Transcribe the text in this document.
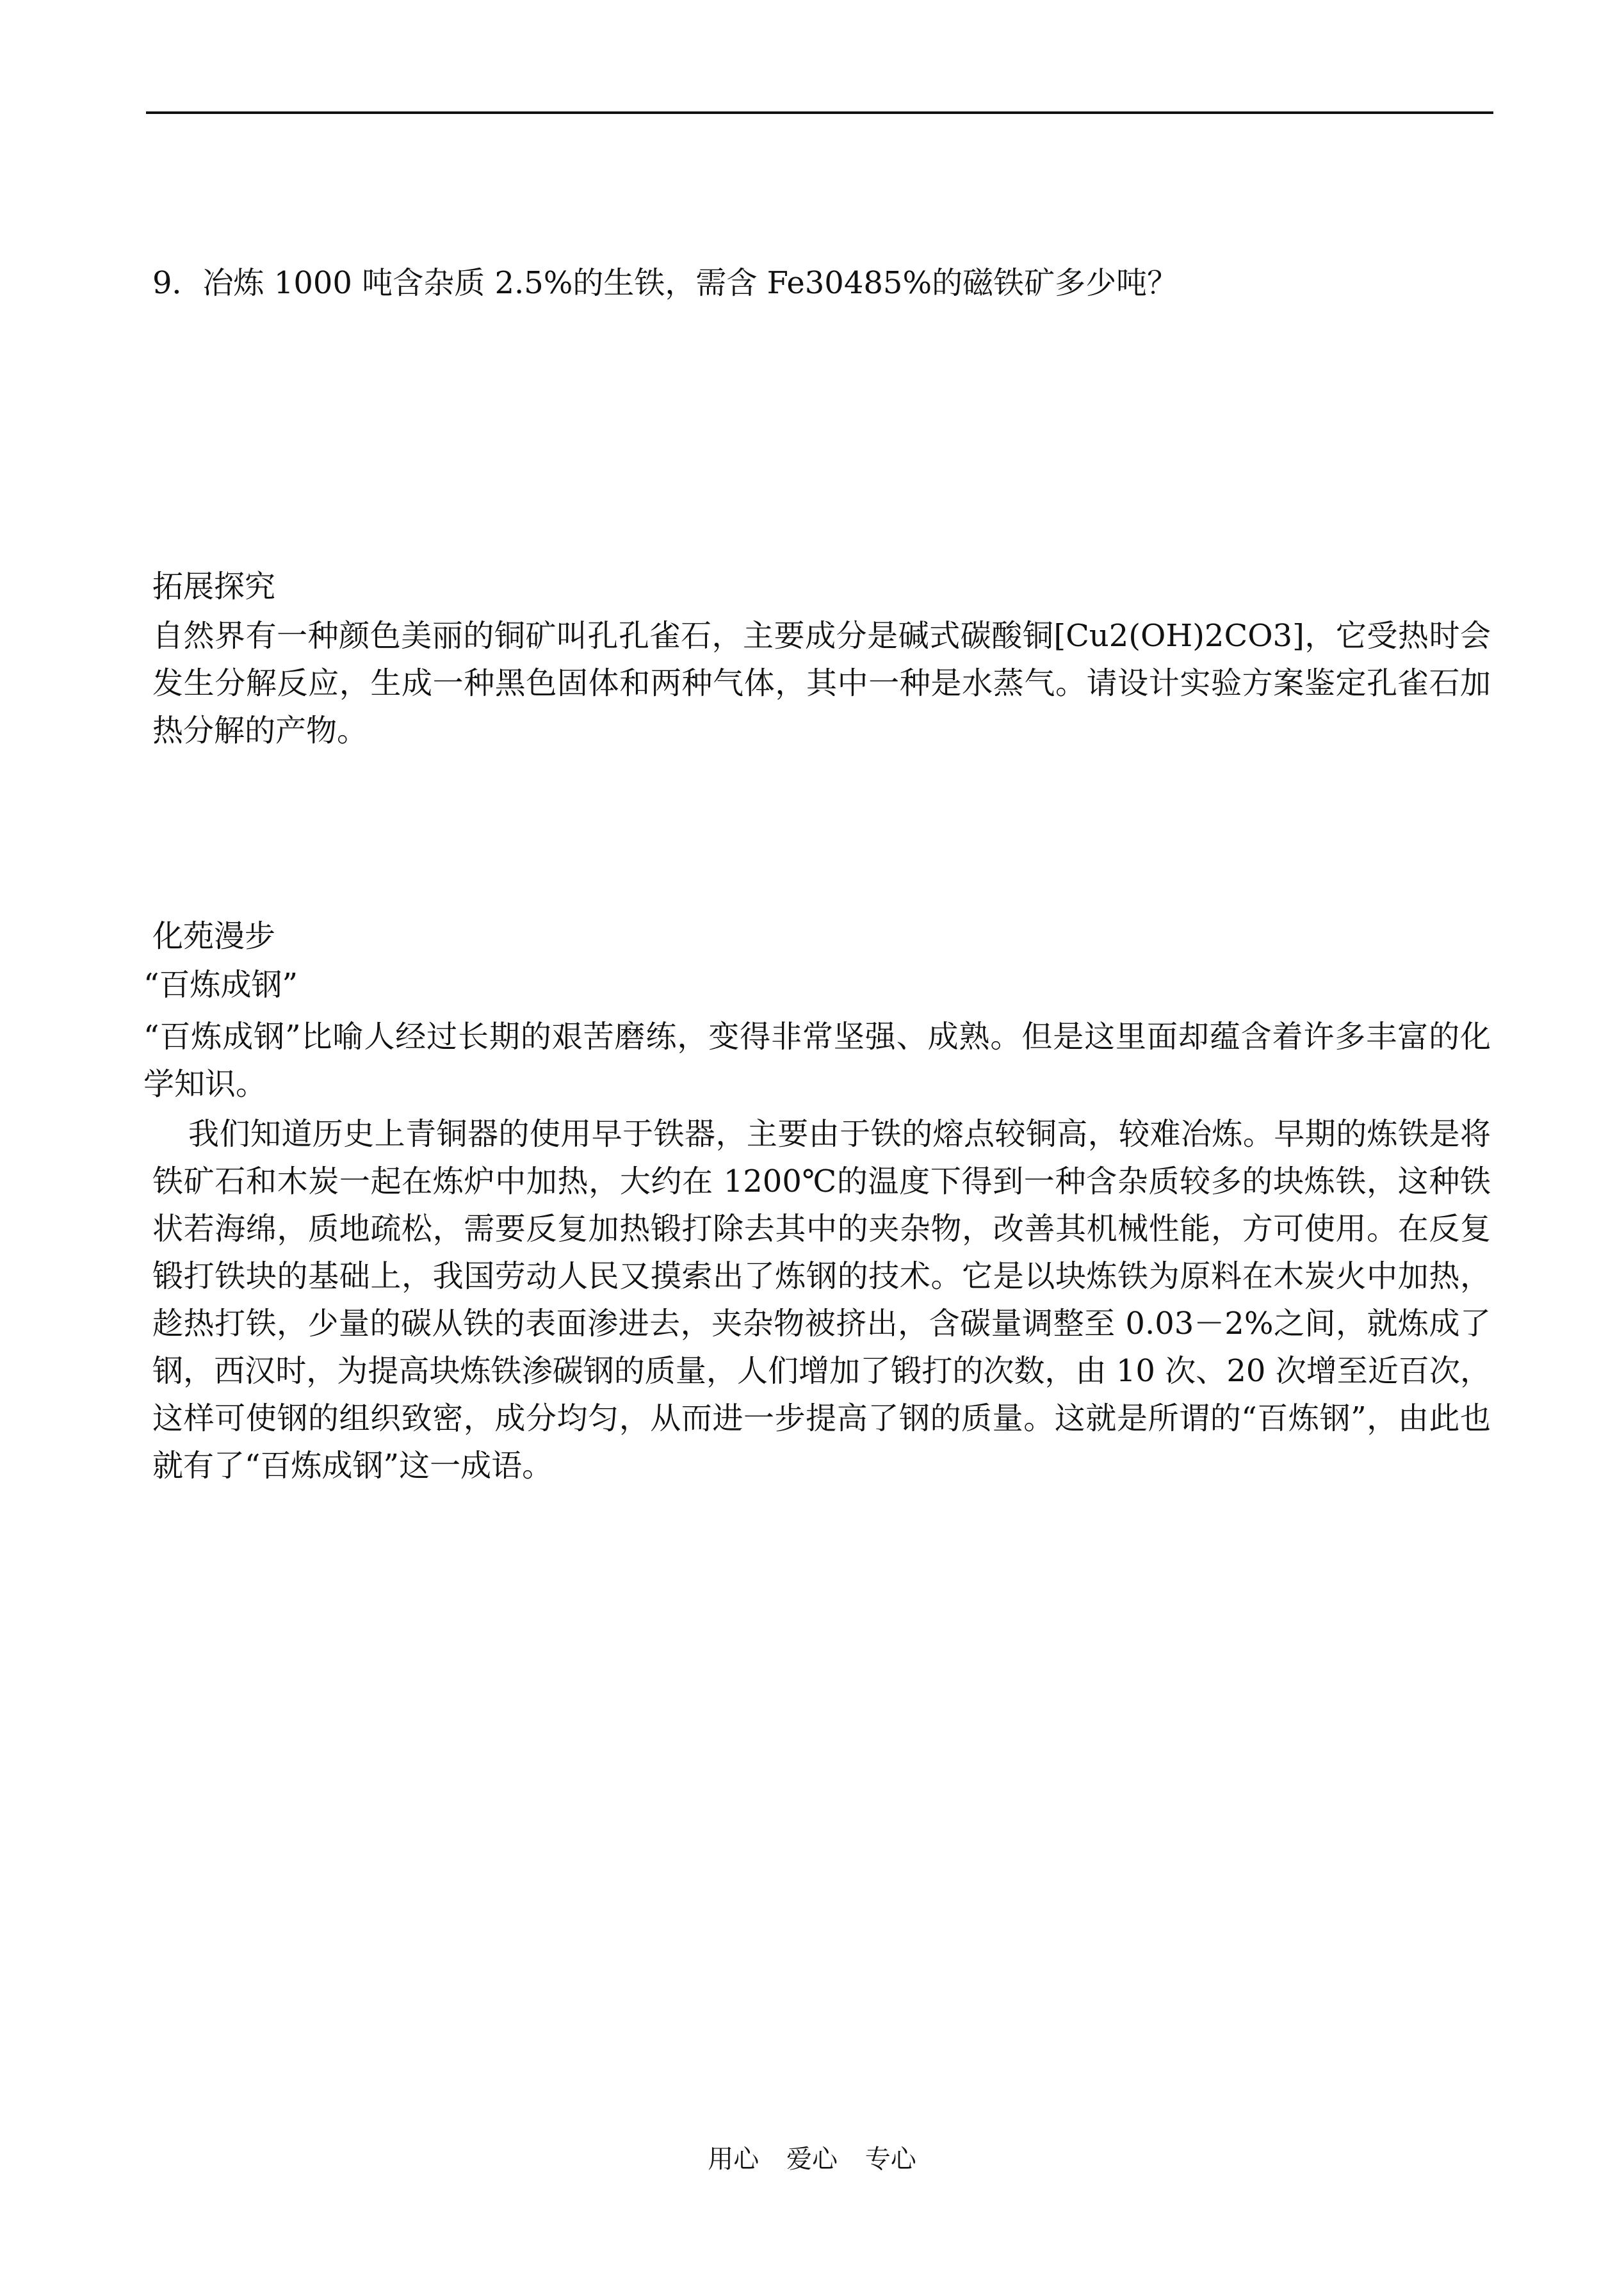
9．冶炼 1000 吨含杂质 2.5%的生铁，需含 Fe30485%的磁铁矿多少吨？
拓展探究
自然界有一种颜色美丽的铜矿叫孔孔雀石，主要成分是碱式碳酸铜[Cu2(OH)2CO3]，它受热时会发生分解反应，生成一种黑色固体和两种气体，其中一种是水蒸气。请设计实验方案鉴定孔雀石加热分解的产物。
化苑漫步
“百炼成钢”
“百炼成钢”比喻人经过长期的艰苦磨练，变得非常坚强、成熟。但是这里面却蕴含着许多丰富的化学知识。
我们知道历史上青铜器的使用早于铁器，主要由于铁的熔点较铜高，较难冶炼。早期的炼铁是将铁矿石和木炭一起在炼炉中加热，大约在 1200℃的温度下得到一种含杂质较多的块炼铁，这种铁状若海绵，质地疏松，需要反复加热锻打除去其中的夹杂物，改善其机械性能，方可使用。在反复锻打铁块的基础上，我国劳动人民又摸索出了炼钢的技术。它是以块炼铁为原料在木炭火中加热，趁热打铁，少量的碳从铁的表面渗进去，夹杂物被挤出，含碳量调整至 0.03－2%之间，就炼成了钢，西汉时，为提高块炼铁渗碳钢的质量，人们增加了锻打的次数，由 10 次、20 次增至近百次，这样可使钢的组织致密，成分均匀，从而进一步提高了钢的质量。这就是所谓的“百炼钢”，由此也就有了“百炼成钢”这一成语。
用心 爱心 专心
